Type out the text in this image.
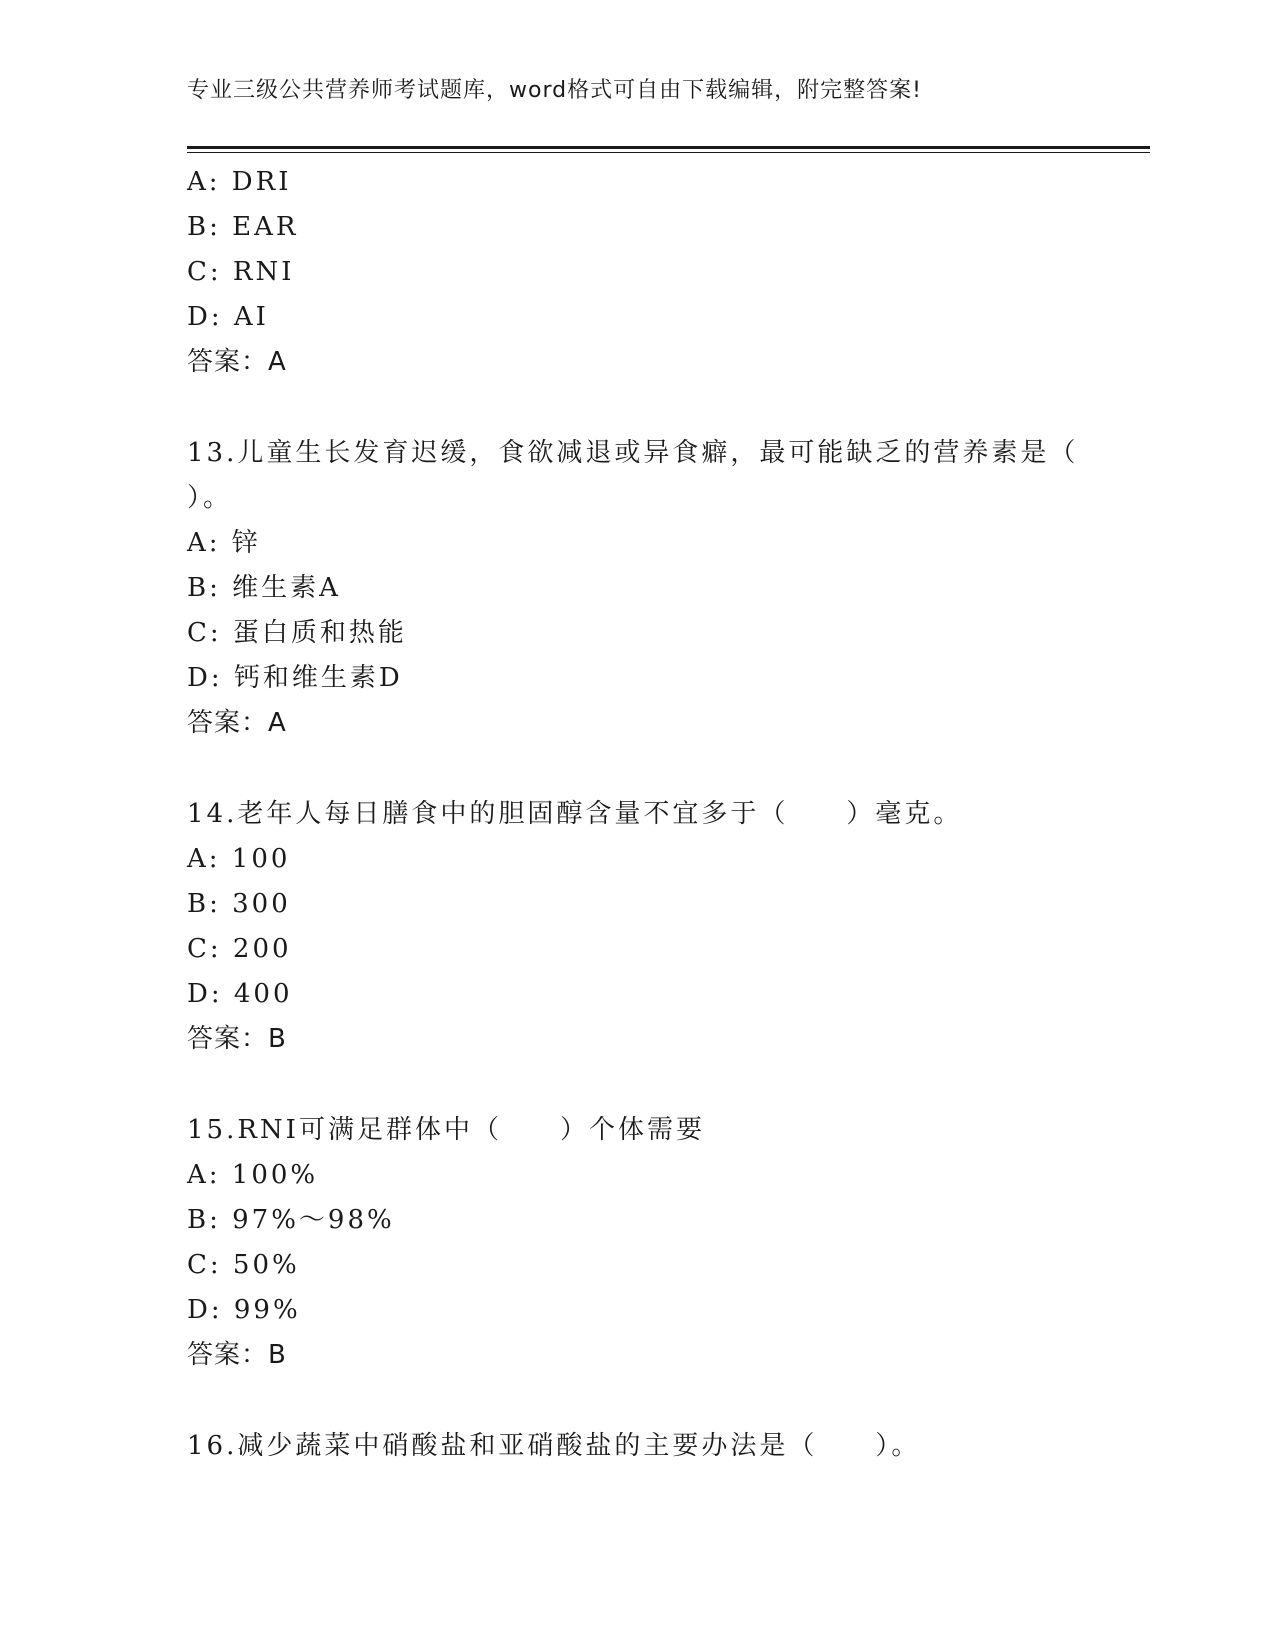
专业三级公共营养师考试题库，word格式可自由下载编辑，附完整答案!
A: DRI
B: EAR
C: RNI
D: AI
答案：A
13.儿童生长发育迟缓，食欲减退或异食癖，最可能缺乏的营养素是（
）。
A: 锌
B: 维生素A
C: 蛋白质和热能
D: 钙和维生素D
答案：A
14.老年人每日膳食中的胆固醇含量不宜多于（　　）毫克。
A: 100
B: 300
C: 200
D: 400
答案：B
15.RNI可满足群体中（　　）个体需要
A: 100%
B: 97%～98%
C: 50%
D: 99%
答案：B
16.减少蔬菜中硝酸盐和亚硝酸盐的主要办法是（　　）。
